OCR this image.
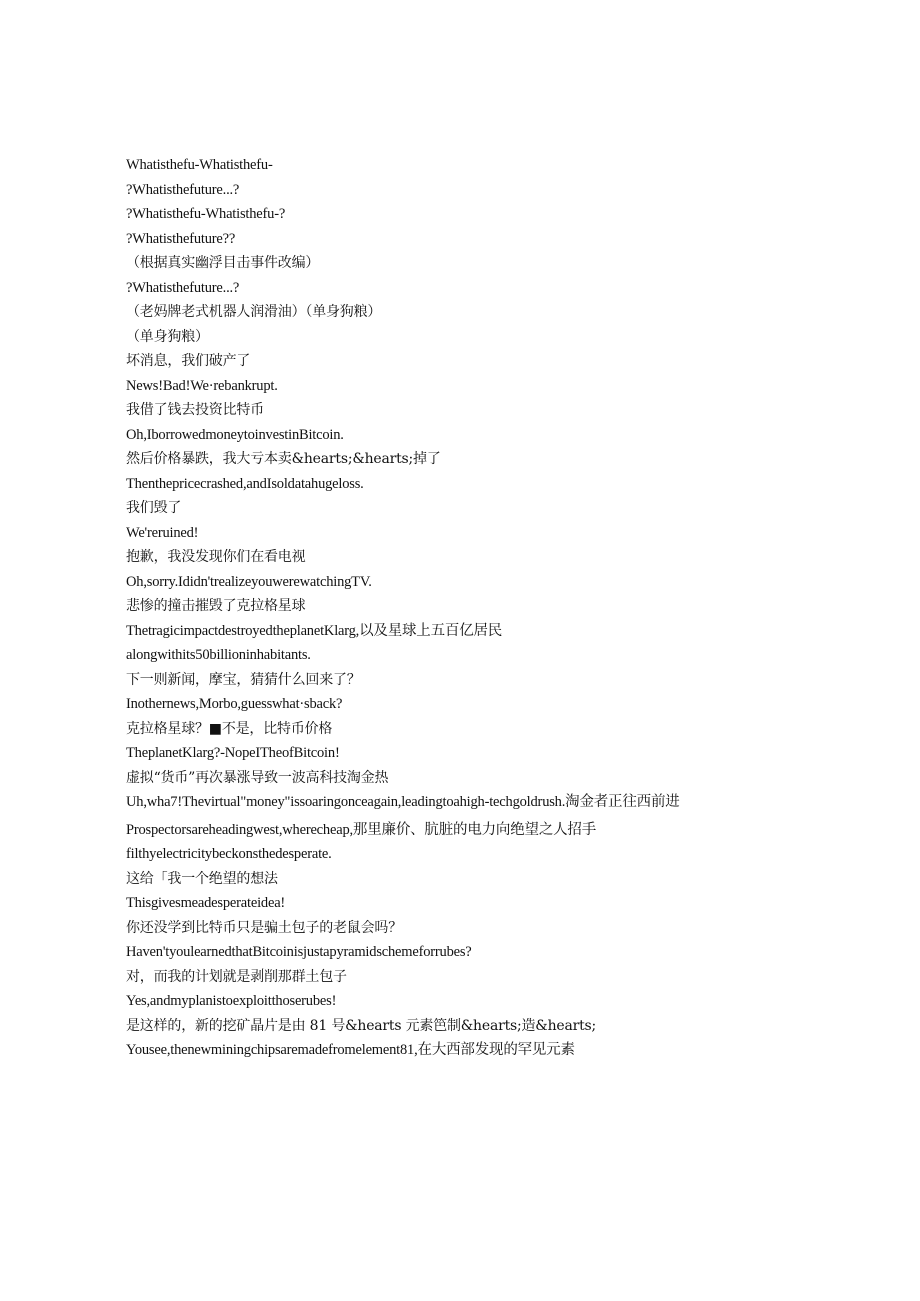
Whatisthefu-Whatisthefu-
?Whatisthefuture...?
?Whatisthefu-Whatisthefu-?
?Whatisthefuture??
（根据真实幽浮目击事件改编）
?Whatisthefuture...?
（老妈牌老式机器人润滑油）（单身狗粮）
（单身狗粮）
坏消息，我们破产了
News!Bad!We·rebankrupt.
我借了钱去投资比特币
Oh,IborrowedmoneytoinvestinBitcoin.
然后价格暴跌，我大亏本卖&hearts;&hearts;掉了
Thenthepricecrashed,andIsoldatahugeloss.
我们毁了
We'reruined!
抱歉，我没发现你们在看电视
Oh,sorry.Ididn'trealizeyouwerewatchingTV.
悲惨的撞击摧毁了克拉格星球
ThetragicimpactdestroyedtheplanetKlarg,以及星球上五百亿居民
alongwithits50billioninhabitants.
下一则新闻，摩宝，猜猜什么回来了？
Inothernews,Morbo,guesswhat·sback?
克拉格星球？■不是，比特币价格
TheplanetKlarg?-NopeITheofBitcoin!
虚拟“货币”再次暴涨导致一波高科技淘金热
Uh,wha7!Thevirtual"money"issoaringonceagain,leadingtoahigh-techgoldrush.淘金者正往西前进
Prospectorsareheadingwest,wherecheap,那里廉价、肮脏的电力向绝望之人招手
filthyelectricitybeckonsthedesperate.
这给「我一个绝望的想法
Thisgivesmeadesperateidea!
你还没学到比特币只是骗土包子的老鼠会吗？
Haven'tyoulearnedthatBitcoinisjustapyramidschemeforrubes?
对，而我的计划就是剥削那群土包子
Yes,andmyplanistoexploitthoserubes!
是这样的，新的挖矿晶片是由 81 号&hearts 元素笆制&hearts;造&hearts;
Yousee,thenewminingchipsaremadefromelement81,在大西部发现的罕见元素
